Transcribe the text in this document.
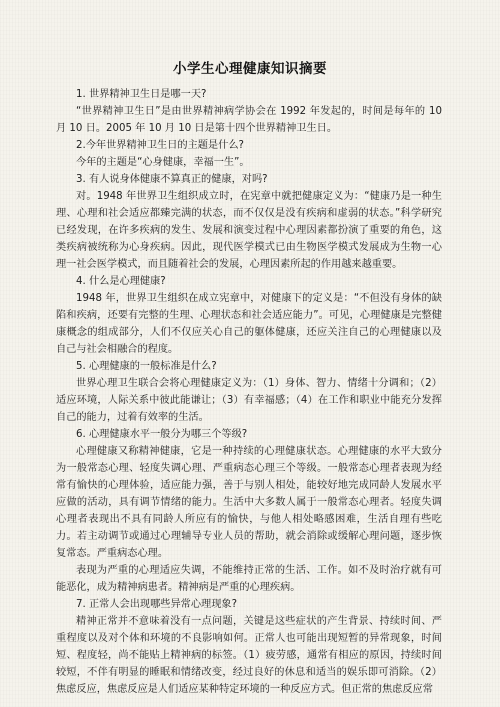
小学生心理健康知识摘要

1. 世界精神卫生日是哪一天?

“世界精神卫生日”是由世界精神病学协会在 1992 年发起的，时间是每年的 10 月 10 日。2005 年 10 月 10 日是第十四个世界精神卫生日。

2.今年世界精神卫生日的主题是什么?

今年的主题是“心身健康，幸福一生”。

3. 有人说身体健康不算真正的健康，对吗?

对。1948 年世界卫生组织成立时，在宪章中就把健康定义为：“健康乃是一种生理、心理和社会适应都臻完满的状态，而不仅仅是没有疾病和虚弱的状态。”科学研究已经发现，在许多疾病的发生、发展和演变过程中心理因素都扮演了重要的角色，这类疾病被统称为心身疾病。因此，现代医学模式已由生物医学模式发展成为生物一心理一社会医学模式，而且随着社会的发展，心理因素所起的作用越来越重要。

4. 什么是心理健康?

1948 年，世界卫生组织在成立宪章中，对健康下的定义是：“不但没有身体的缺陷和疾病，还要有完整的生理、心理状态和社会适应能力”。可见，心理健康是完整健康概念的组成部分，人们不仅应关心自己的躯体健康，还应关注自己的心理健康以及自己与社会相融合的程度。

5. 心理健康的一般标准是什么?

世界心理卫生联合会将心理健康定义为：（1）身体、智力、情绪十分调和；（2）适应环境，人际关系中彼此能谦让；（3）有幸福感；（4）在工作和职业中能充分发挥自己的能力，过着有效率的生活。

6. 心理健康水平一般分为哪三个等级?

心理健康又称精神健康，它是一种持续的心理健康状态。心理健康的水平大致分为一般常态心理、轻度失调心理、严重病态心理三个等级。一般常态心理者表现为经常有愉快的心理体验，适应能力强，善于与别人相处，能较好地完成同龄人发展水平应做的活动，具有调节情绪的能力。生活中大多数人属于一般常态心理者。轻度失调心理者表现出不具有同龄人所应有的愉快，与他人相处略感困难，生活自理有些吃力。若主动调节或通过心理辅导专业人员的帮助，就会消除或缓解心理问题，逐步恢复常态。严重病态心理。

表现为严重的心理适应失调，不能维持正常的生活、工作。如不及时治疗就有可能恶化，成为精神病患者。精神病是严重的心理疾病。

7. 正常人会出现哪些异常心理现象?

精神正常并不意味着没有一点问题，关键是这些症状的产生背景、持续时间、严重程度以及对个体和环境的不良影响如何。正常人也可能出现短暂的异常现象，时间短、程度轻，尚不能贴上精神病的标签。（1）疲劳感，通常有相应的原因，持续时间较短，不伴有明显的睡眠和情绪改变，经过良好的休息和适当的娱乐即可消除。（2）焦虑反应，焦虑反应是人们适应某种特定环境的一种反应方式。但正常的焦虑反应常
